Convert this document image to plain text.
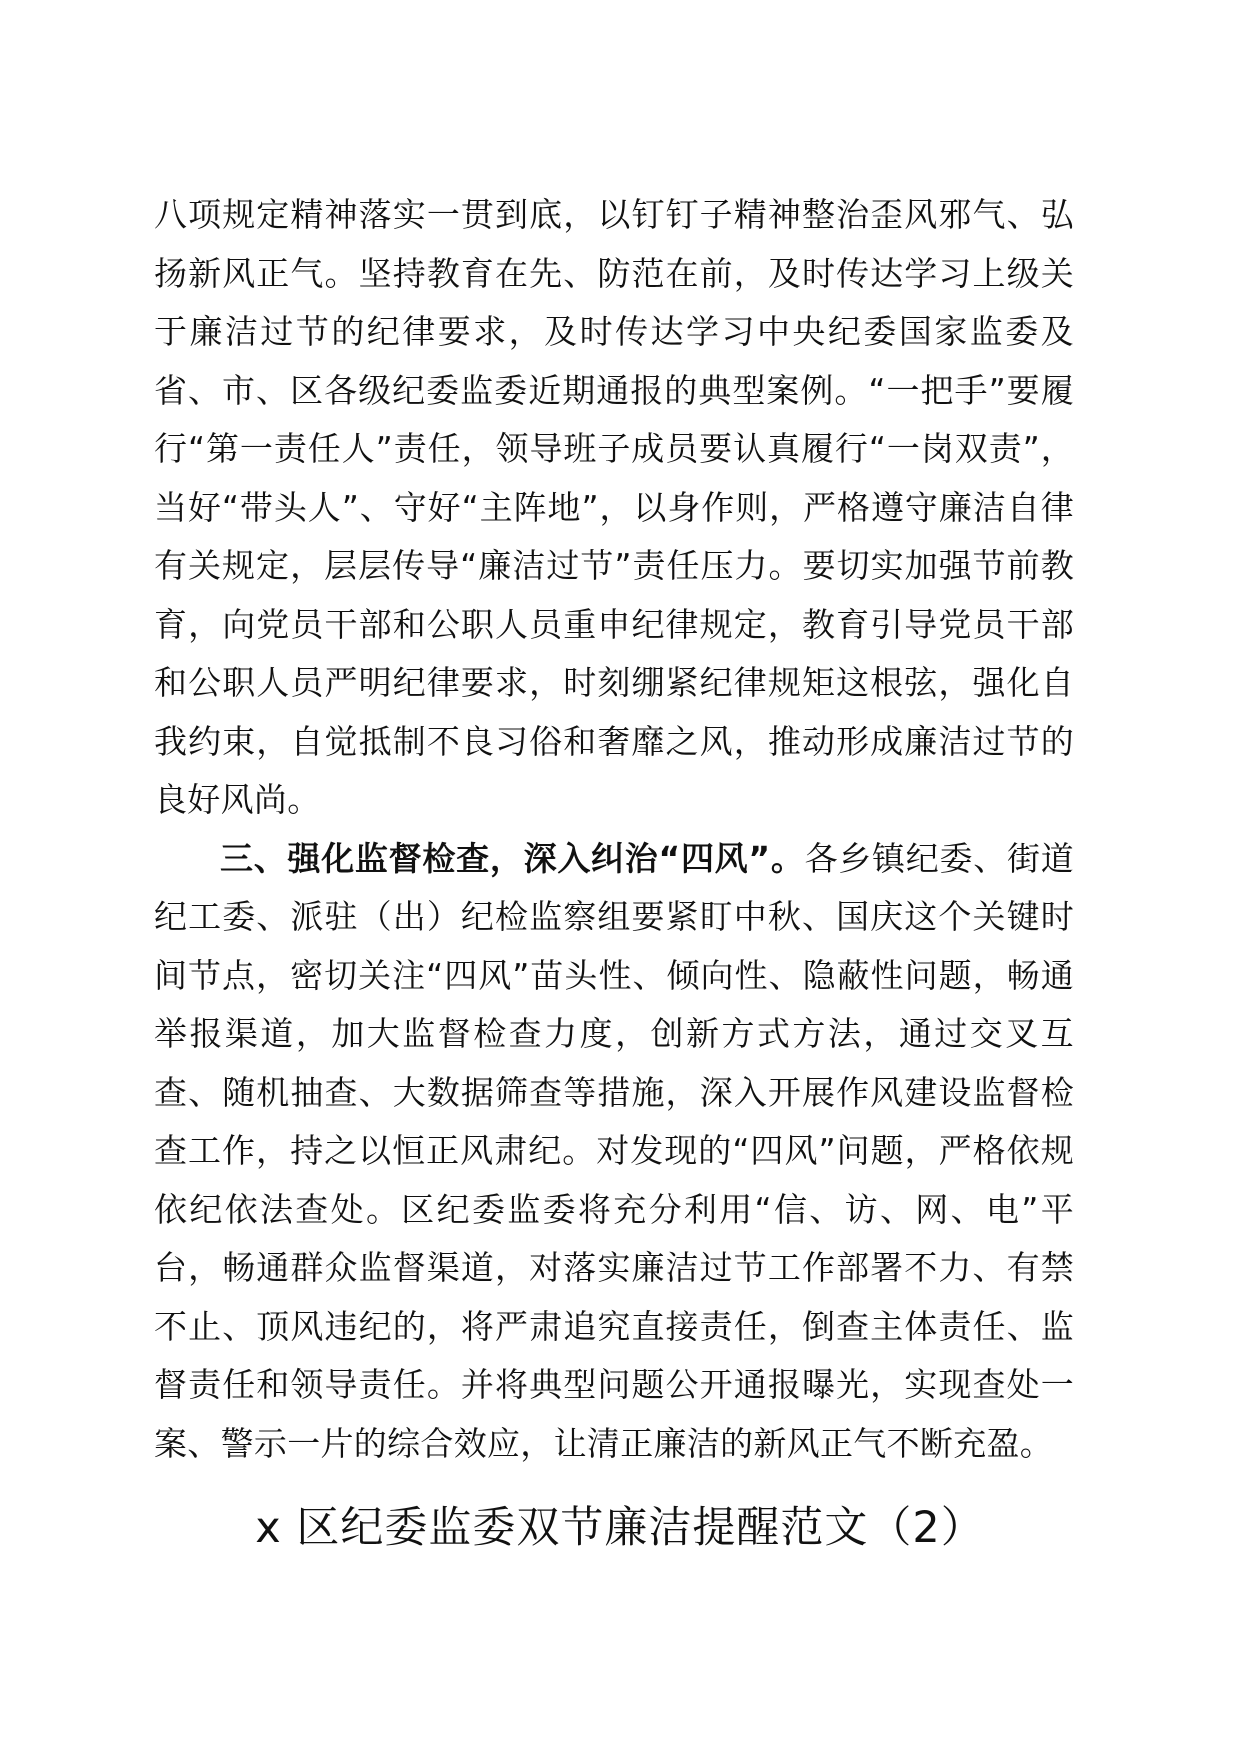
八项规定精神落实一贯到底，以钉钉子精神整治歪风邪气、弘扬新风正气。坚持教育在先、防范在前，及时传达学习上级关于廉洁过节的纪律要求，及时传达学习中央纪委国家监委及省、市、区各级纪委监委近期通报的典型案例。“一把手”要履行“第一责任人”责任，领导班子成员要认真履行“一岗双责”，当好“带头人”、守好“主阵地”，以身作则，严格遵守廉洁自律有关规定，层层传导“廉洁过节”责任压力。要切实加强节前教育，向党员干部和公职人员重申纪律规定，教育引导党员干部和公职人员严明纪律要求，时刻绷紧纪律规矩这根弦，强化自我约束，自觉抵制不良习俗和奢靡之风，推动形成廉洁过节的良好风尚。

三、强化监督检查，深入纠治“四风”。各乡镇纪委、街道纪工委、派驻（出）纪检监察组要紧盯中秋、国庆这个关键时间节点，密切关注“四风”苗头性、倾向性、隐蔽性问题，畅通举报渠道，加大监督检查力度，创新方式方法，通过交叉互查、随机抽查、大数据筛查等措施，深入开展作风建设监督检查工作，持之以恒正风肃纪。对发现的“四风”问题，严格依规依纪依法查处。区纪委监委将充分利用“信、访、网、电”平台，畅通群众监督渠道，对落实廉洁过节工作部署不力、有禁不止、顶风违纪的，将严肃追究直接责任，倒查主体责任、监督责任和领导责任。并将典型问题公开通报曝光，实现查处一案、警示一片的综合效应，让清正廉洁的新风正气不断充盈。

x 区纪委监委双节廉洁提醒范文（2）
